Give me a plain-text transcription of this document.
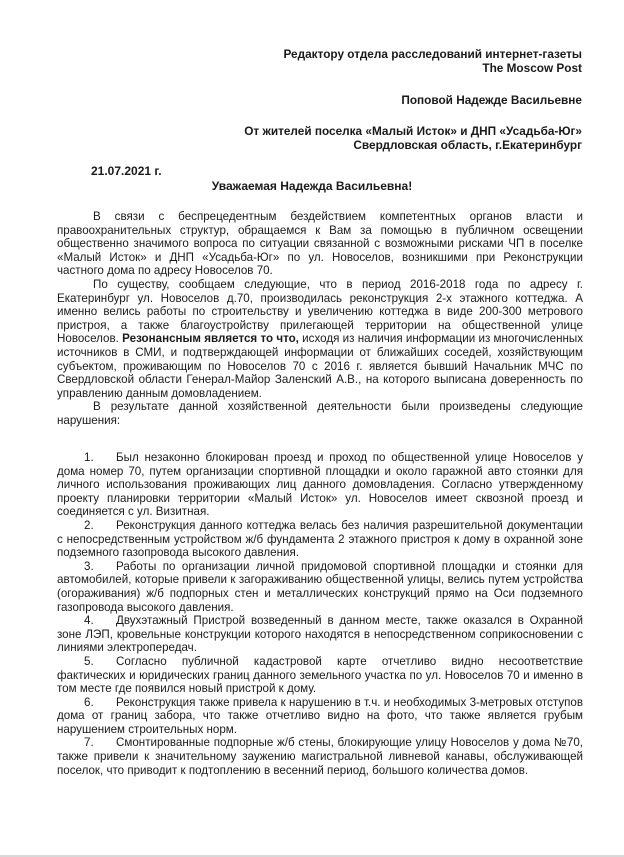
Редактору отдела расследований интернет-газеты
The Moscow Post
Поповой Надежде Васильевне
От жителей поселка «Малый Исток» и ДНП «Усадьба-Юг»
Свердловская область, г.Екатеринбург
21.07.2021 г.
Уважаемая Надежда Васильевна!

В связи с беспрецедентным бездействием компетентных органов власти и правоохранительных структур, обращаемся к Вам за помощью в публичном освещении общественно значимого вопроса по ситуации связанной с возможными рисками ЧП в поселке «Малый Исток» и ДНП «Усадьба-Юг» по ул. Новоселов, возникшими при Реконструкции частного дома по адресу Новоселов 70.

По существу, сообщаем следующие, что в период 2016-2018 года по адресу г. Екатеринбург ул. Новоселов д.70, производилась реконструкция 2-х этажного коттеджа. А именно велись работы по строительству и увеличению коттеджа в виде 200-300 метрового пристроя, а также благоустройству прилегающей территории на общественной улице Новоселов. Резонансным является то что, исходя из наличия информации из многочисленных источников в СМИ, и подтверждающей информации от ближайших соседей, хозяйствующим субъектом, проживающим по Новоселов 70 с 2016 г. является бывший Начальник МЧС по Свердловской области Генерал-Майор Заленский А.В., на которого выписана доверенность по управлению данным домовладением.

В результате данной хозяйственной деятельности были произведены следующие нарушения:

1. Был незаконно блокирован проезд и проход по общественной улице Новоселов у дома номер 70, путем организации спортивной площадки и около гаражной авто стоянки для личного использования проживающих лиц данного домовладения. Согласно утвержденному проекту планировки территории «Малый Исток» ул. Новоселов имеет сквозной проезд и соединяется с ул. Визитная.

2. Реконструкция данного коттеджа велась без наличия разрешительной документации с непосредственным устройством ж/б фундамента 2 этажного пристроя к дому в охранной зоне подземного газопровода высокого давления.

3. Работы по организации личной придомовой спортивной площадки и стоянки для автомобилей, которые привели к загораживанию общественной улицы, велись путем устройства (огораживания) ж/б подпорных стен и металлических конструкций прямо на Оси подземного газопровода высокого давления.

4. Двухэтажный Пристрой возведенный в данном месте, также оказался в Охранной зоне ЛЭП, кровельные конструкции которого находятся в непосредственном соприкосновении с линиями электропередач.

5. Согласно публичной кадастровой карте отчетливо видно несоответствие фактических и юридических границ данного земельного участка по ул. Новоселов 70 и именно в том месте где появился новый пристрой к дому.

6. Реконструкция также привела к нарушению в т.ч. и необходимых 3-метровых отступов дома от границ забора, что также отчетливо видно на фото, что также является грубым нарушением строительных норм.

7. Смонтированные подпорные ж/б стены, блокирующие улицу Новоселов у дома №70, также привели к значительному заужению магистральной ливневой канавы, обслуживающей поселок, что приводит к подтоплению в весенний период, большого количества домов.
